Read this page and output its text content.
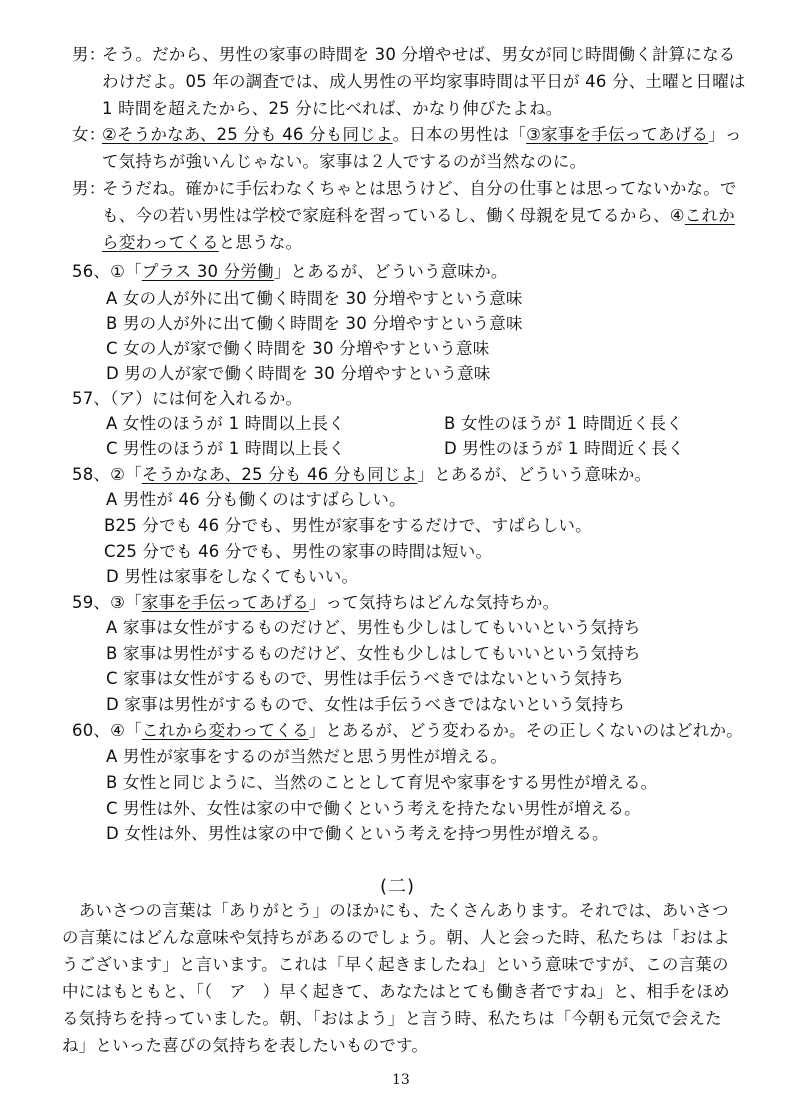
男：そう。だから、男性の家事の時間を 30 分増やせば、男女が同じ時間働く計算になる
わけだよ。05 年の調査では、成人男性の平均家事時間は平日が 46 分、土曜と日曜は
1 時間を超えたから、25 分に比べれば、かなり伸びたよね。
女：②そうかなあ、25 分も 46 分も同じよ。日本の男性は「③家事を手伝ってあげる」っ
て気持ちが強いんじゃない。家事は２人でするのが当然なのに。
男：そうだね。確かに手伝わなくちゃとは思うけど、自分の仕事とは思ってないかな。で
も、今の若い男性は学校で家庭科を習っているし、働く母親を見てるから、④これか
ら変わってくると思うな。
56、①「プラス 30 分労働」とあるが、どういう意味か。
A 女の人が外に出て働く時間を 30 分増やすという意味
B 男の人が外に出て働く時間を 30 分増やすという意味
C 女の人が家で働く時間を 30 分増やすという意味
D 男の人が家で働く時間を 30 分増やすという意味
57、（ア）には何を入れるか。
A 女性のほうが 1 時間以上長く	B 女性のほうが 1 時間近く長く
C 男性のほうが 1 時間以上長く	D 男性のほうが 1 時間近く長く
58、②「そうかなあ、25 分も 46 分も同じよ」とあるが、どういう意味か。
A 男性が 46 分も働くのはすばらしい。
B25 分でも 46 分でも、男性が家事をするだけで、すばらしい。
C25 分でも 46 分でも、男性の家事の時間は短い。
D 男性は家事をしなくてもいい。
59、③「家事を手伝ってあげる」って気持ちはどんな気持ちか。
A 家事は女性がするものだけど、男性も少しはしてもいいという気持ち
B 家事は男性がするものだけど、女性も少しはしてもいいという気持ち
C 家事は女性がするもので、男性は手伝うべきではないという気持ち
D 家事は男性がするもので、女性は手伝うべきではないという気持ち
60、④「これから変わってくる」とあるが、どう変わるか。その正しくないのはどれか。
A 男性が家事をするのが当然だと思う男性が増える。
B 女性と同じように、当然のこととして育児や家事をする男性が増える。
C 男性は外、女性は家の中で働くという考えを持たない男性が増える。
D 女性は外、男性は家の中で働くという考えを持つ男性が増える。
(二)
　あいさつの言葉は「ありがとう」のほかにも、たくさんあります。それでは、あいさつ
の言葉にはどんな意味や気持ちがあるのでしょう。朝、人と会った時、私たちは「おはよ
うございます」と言います。これは「早く起きましたね」という意味ですが、この言葉の
中にはもともと、「（　ア　）早く起きて、あなたはとても働き者ですね」と、相手をほめ
る気持ちを持っていました。朝、「おはよう」と言う時、私たちは「今朝も元気で会えた
ね」といった喜びの気持ちを表したいものです。
13
